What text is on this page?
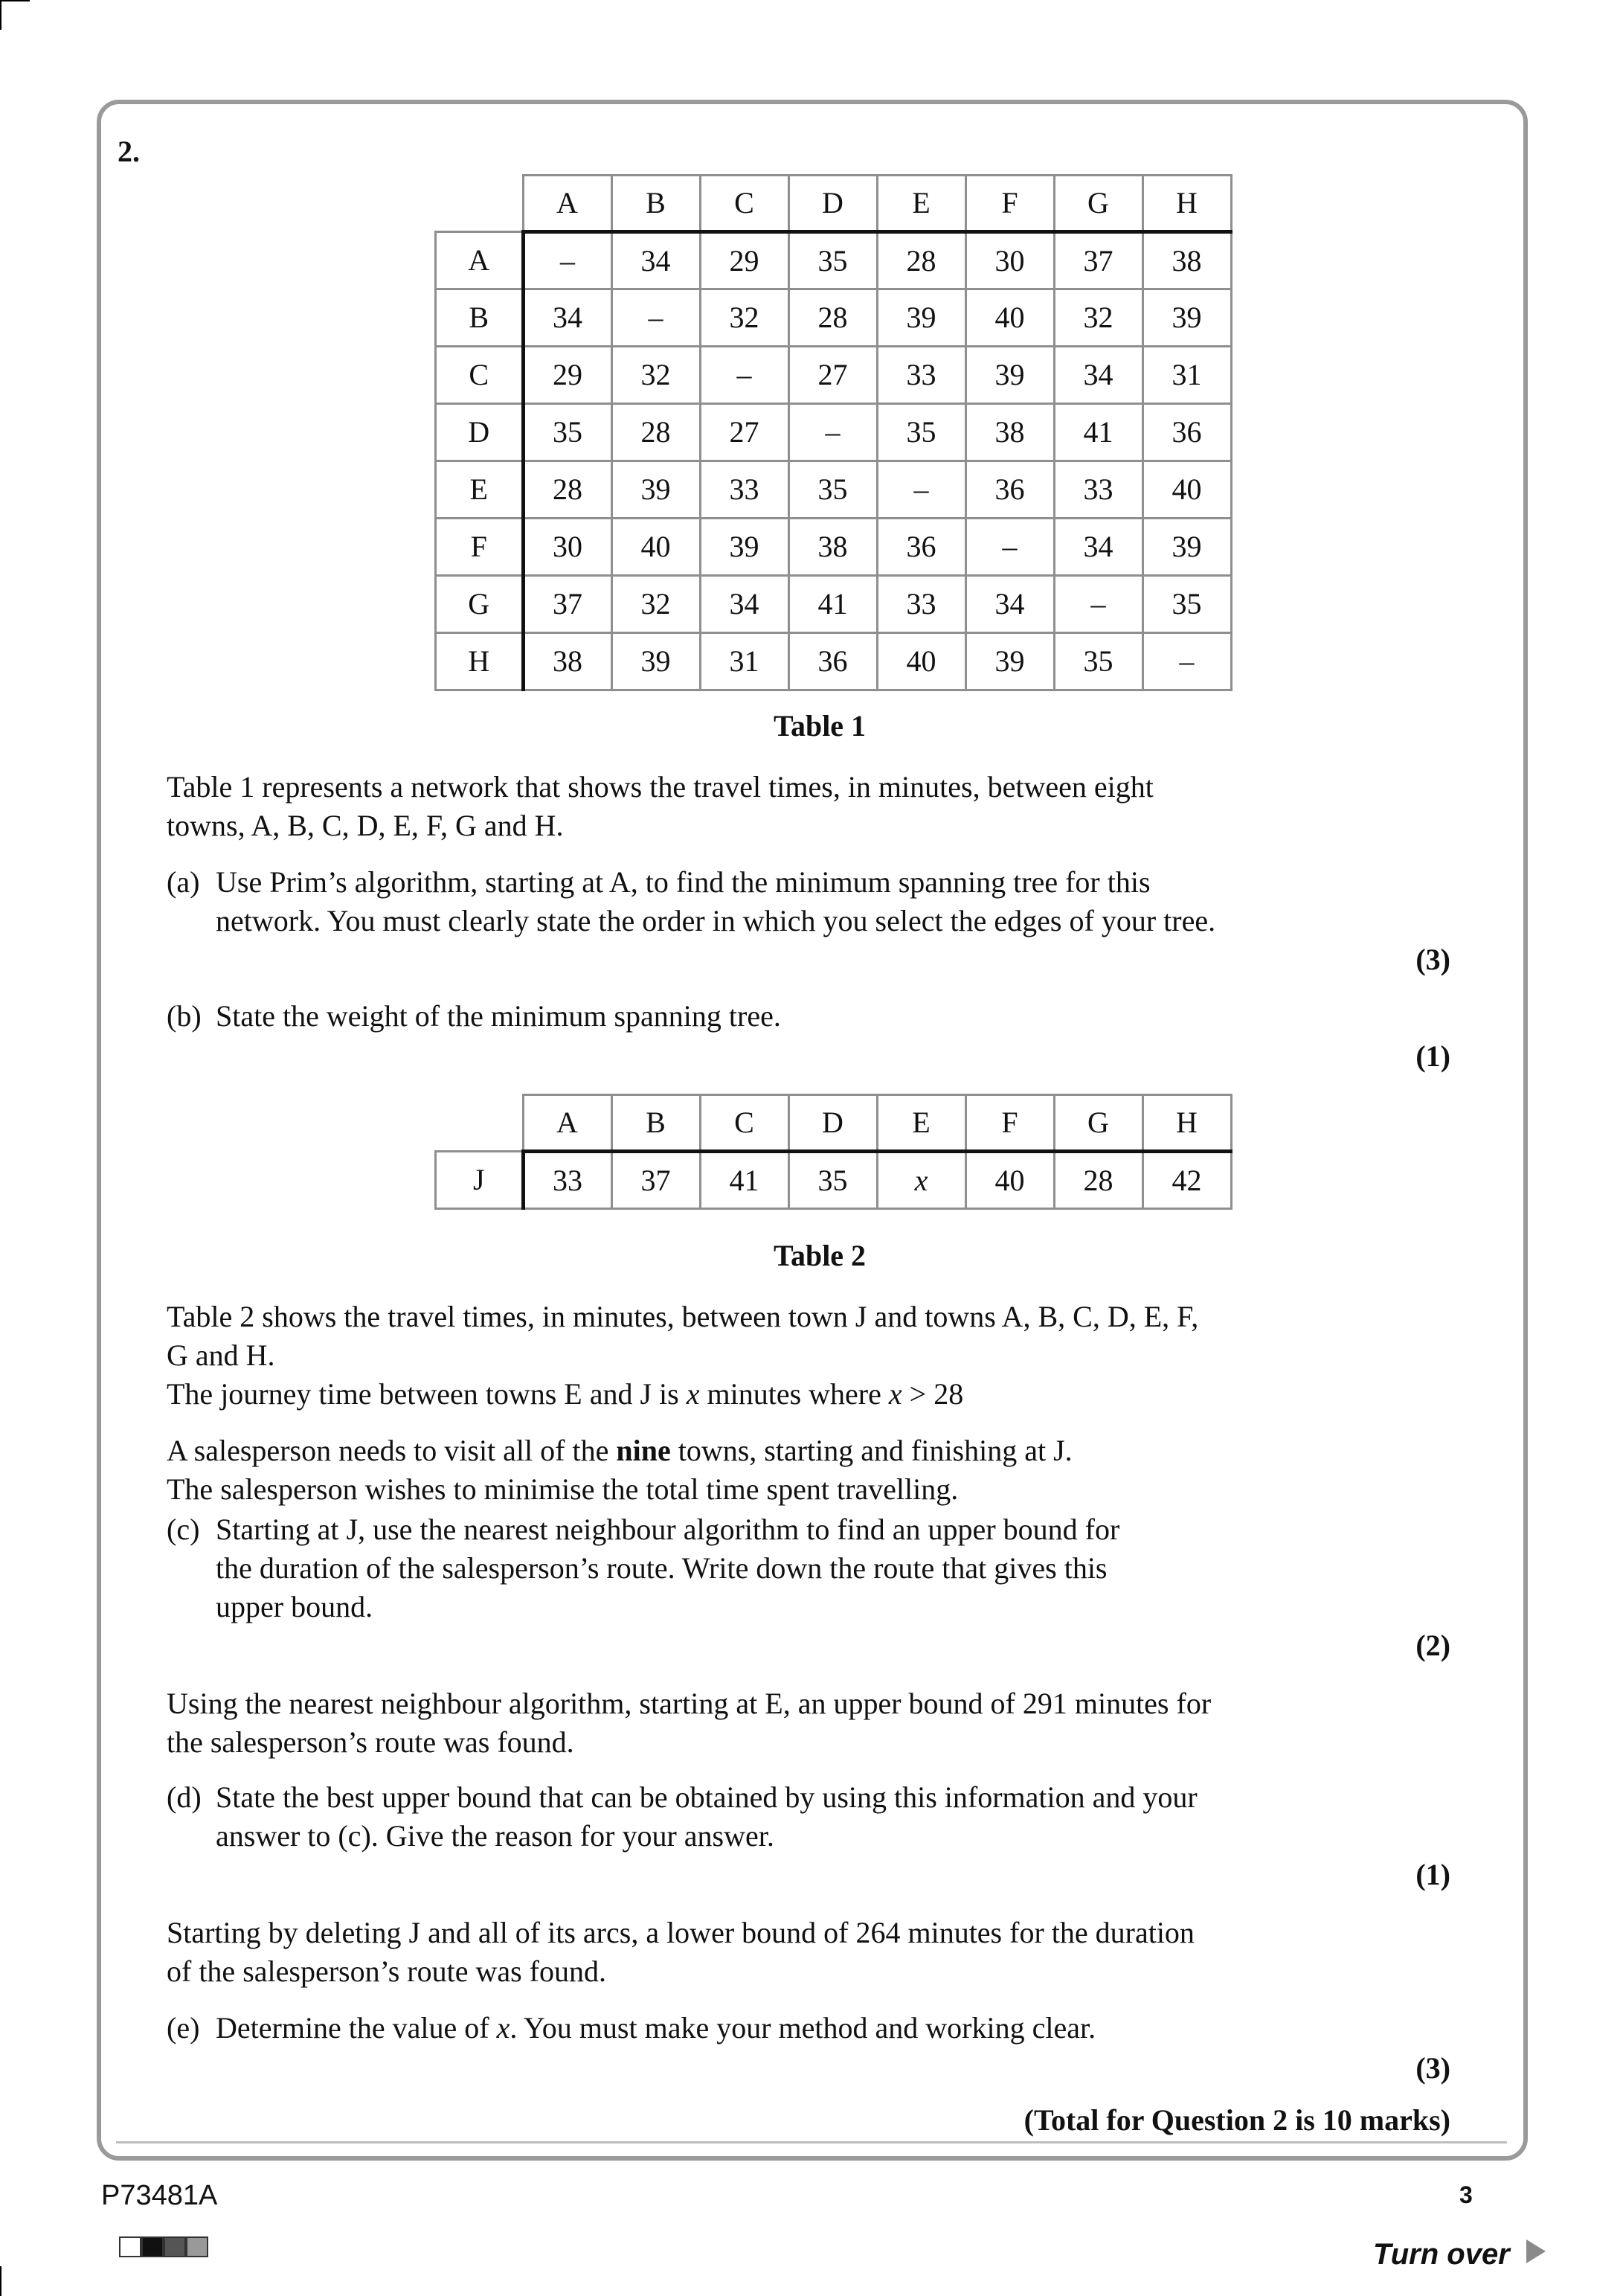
2.
	A	B	C	D	E	F	G	H
A	–	34	29	35	28	30	37	38
B	34	–	32	28	39	40	32	39
C	29	32	–	27	33	39	34	31
D	35	28	27	–	35	38	41	36
E	28	39	33	35	–	36	33	40
F	30	40	39	38	36	–	34	39
G	37	32	34	41	33	34	–	35
H	38	39	31	36	40	39	35	–
Table 1
Table 1 represents a network that shows the travel times, in minutes, between eight
towns, A, B, C, D, E, F, G and H.
(a) Use Prim’s algorithm, starting at A, to find the minimum spanning tree for this
network. You must clearly state the order in which you select the edges of your tree.
(3)
(b) State the weight of the minimum spanning tree.
(1)
	A	B	C	D	E	F	G	H
J	33	37	41	35	x	40	28	42
Table 2
Table 2 shows the travel times, in minutes, between town J and towns A, B, C, D, E, F,
G and H.
The journey time between towns E and J is x minutes where x > 28
A salesperson needs to visit all of the nine towns, starting and finishing at J.
The salesperson wishes to minimise the total time spent travelling.
(c) Starting at J, use the nearest neighbour algorithm to find an upper bound for
the duration of the salesperson’s route. Write down the route that gives this
upper bound.
(2)
Using the nearest neighbour algorithm, starting at E, an upper bound of 291 minutes for
the salesperson’s route was found.
(d) State the best upper bound that can be obtained by using this information and your
answer to (c). Give the reason for your answer.
(1)
Starting by deleting J and all of its arcs, a lower bound of 264 minutes for the duration
of the salesperson’s route was found.
(e) Determine the value of x. You must make your method and working clear.
(3)
(Total for Question 2 is 10 marks)
P73481A	3
Turn over
